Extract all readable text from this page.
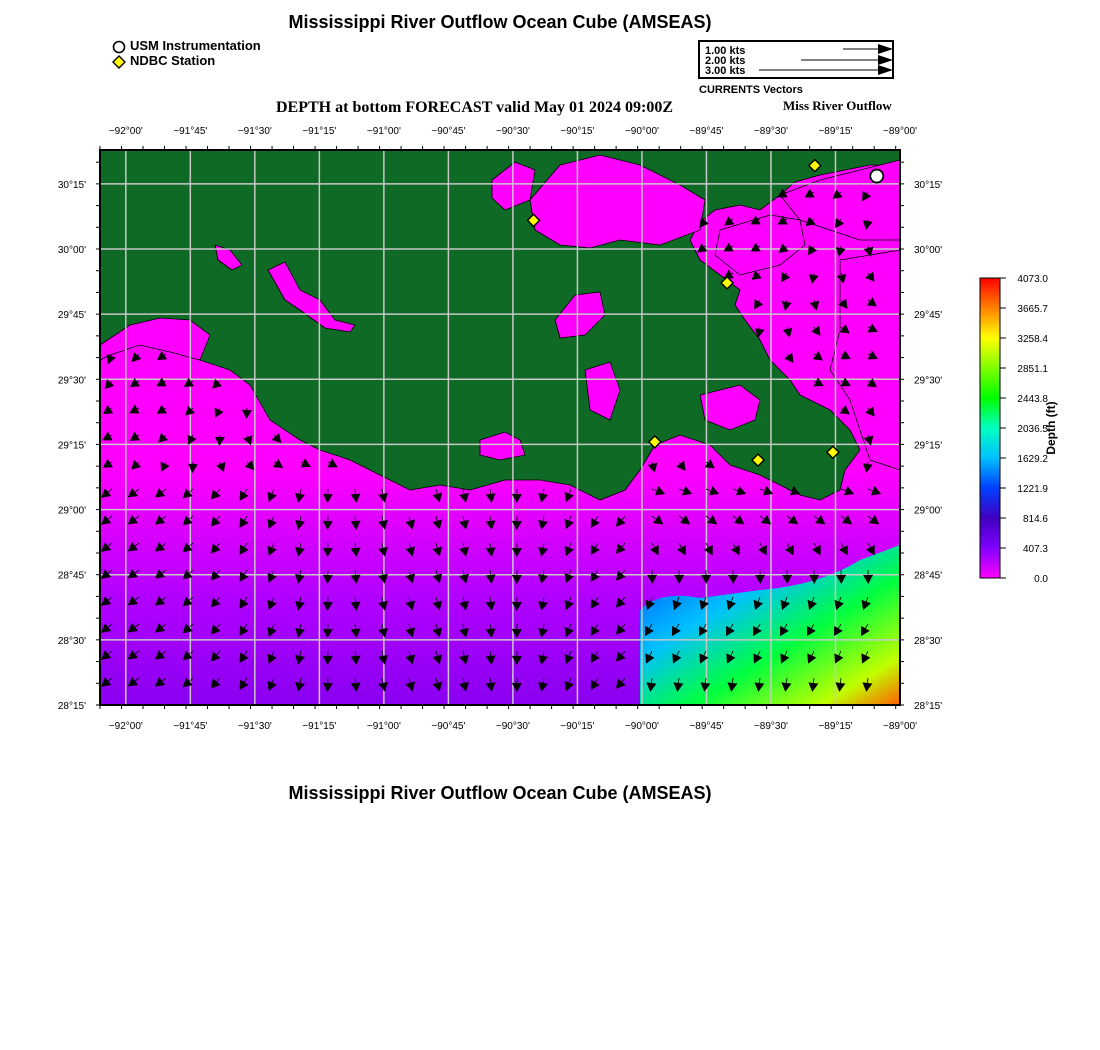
Mississippi River Outflow Ocean Cube (AMSEAS)
USM Instrumentation
NDBC Station
1.00 kts
2.00 kts
3.00 kts
CURRENTS Vectors
DEPTH at bottom FORECAST valid May 01 2024 09:00Z	Miss River Outflow
−92°00'
−92°00'
−91°45'
−91°45'
−91°30'
−91°30'
−91°15'
−91°15'
−91°00'
−91°00'
−90°45'
−90°45'
−90°30'
−90°30'
−90°15'
−90°15'
−90°00'
−90°00'
−89°45'
−89°45'
−89°30'
−89°30'
−89°15'
−89°15'
−89°00'
−89°00'
28°15'	28°15'
28°30'	28°30'
28°45'	28°45'
29°00'	29°00'
29°15'	29°15'
29°30'	29°30'
29°45'	29°45'
30°00'	30°00'
30°15'	30°15'
4073.0
3665.7
3258.4
2851.1
2443.8
2036.5
1629.2
1221.9
814.6
407.3
0.0
Depth (ft)
Mississippi River Outflow Ocean Cube (AMSEAS)
